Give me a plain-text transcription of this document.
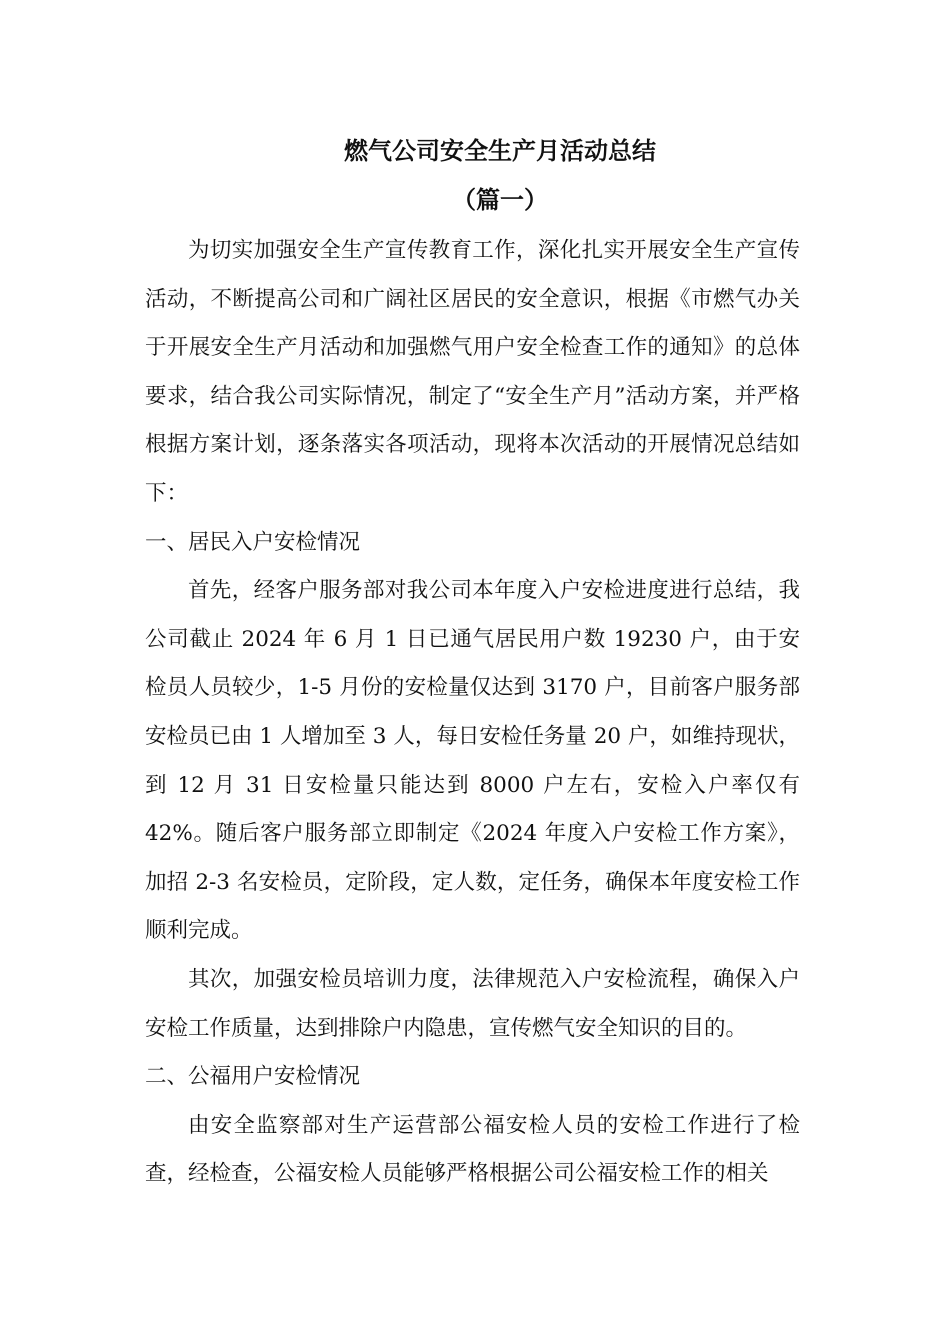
燃气公司安全生产月活动总结
（篇一）

为切实加强安全生产宣传教育工作，深化扎实开展安全生产宣传活动，不断提高公司和广阔社区居民的安全意识，根据《市燃气办关于开展安全生产月活动和加强燃气用户安全检查工作的通知》的总体要求，结合我公司实际情况，制定了“安全生产月”活动方案，并严格根据方案计划，逐条落实各项活动，现将本次活动的开展情况总结如下：

一、居民入户安检情况

首先，经客户服务部对我公司本年度入户安检进度进行总结，我公司截止 2024 年 6 月 1 日已通气居民用户数 19230 户，由于安检员人员较少，1-5 月份的安检量仅达到 3170 户，目前客户服务部安检员已由 1 人增加至 3 人，每日安检任务量 20 户，如维持现状，到 12 月 31 日安检量只能达到 8000 户左右，安检入户率仅有 42%。随后客户服务部立即制定《2024 年度入户安检工作方案》，加招 2-3 名安检员，定阶段，定人数，定任务，确保本年度安检工作顺利完成。

其次，加强安检员培训力度，法律规范入户安检流程，确保入户安检工作质量，达到排除户内隐患，宣传燃气安全知识的目的。

二、公福用户安检情况

由安全监察部对生产运营部公福安检人员的安检工作进行了检查，经检查，公福安检人员能够严格根据公司公福安检工作的相关
